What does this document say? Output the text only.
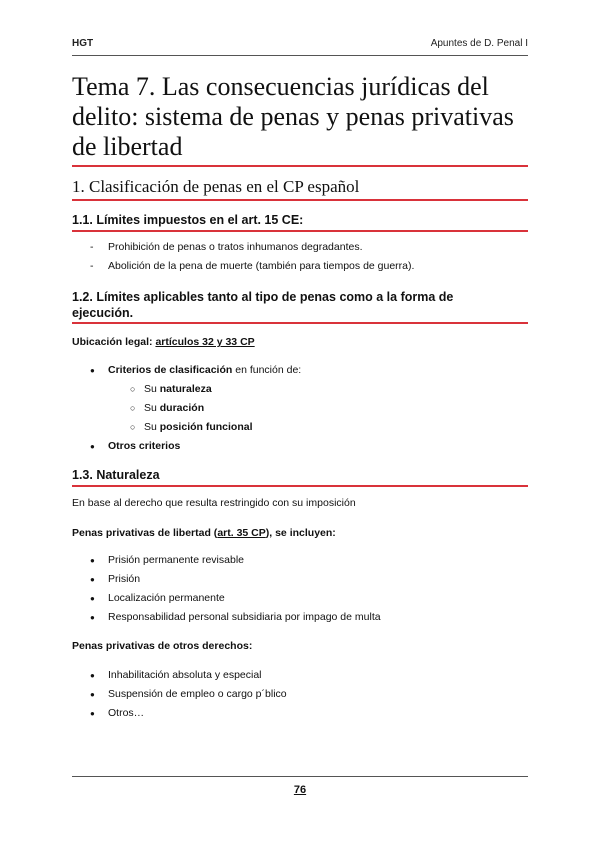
HGT	Apuntes de D. Penal I
Tema 7. Las consecuencias jurídicas del delito: sistema de penas y penas privativas de libertad
1. Clasificación de penas en el CP español
1.1. Límites impuestos en el art. 15 CE:
- Prohibición de penas o tratos inhumanos degradantes.
- Abolición de la pena de muerte (también para tiempos de guerra).
1.2. Límites aplicables tanto al tipo de penas como a la forma de ejecución.

Ubicación legal: artículos 32 y 33 CP

● Criterios de clasificación en función de:
○ Su naturaleza
○ Su duración
○ Su posición funcional
● Otros criterios
1.3. Naturaleza

En base al derecho que resulta restringido con su imposición

Penas privativas de libertad (art. 35 CP), se incluyen:

● Prisión permanente revisable
● Prisión
● Localización permanente
● Responsabilidad personal subsidiaria por impago de multa

Penas privativas de otros derechos:

● Inhabilitación absoluta y especial
● Suspensión de empleo o cargo p´blico
● Otros…
76
